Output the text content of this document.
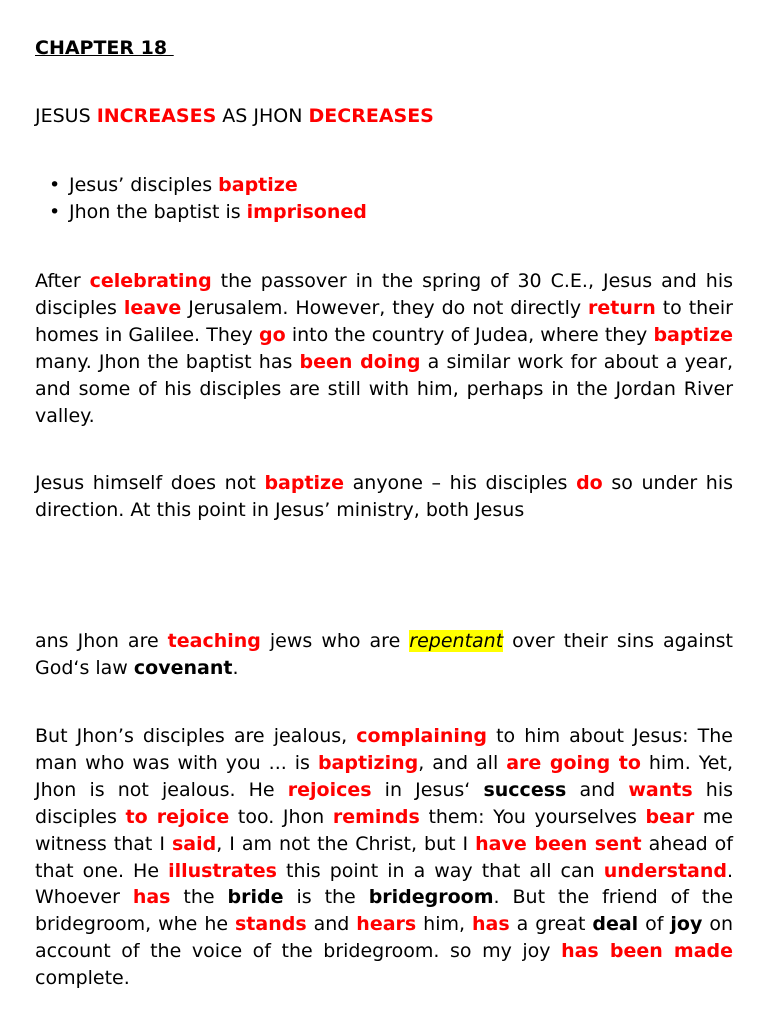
CHAPTER 18
JESUS INCREASES AS JHON DECREASES
• Jesus’ disciples baptize
• Jhon the baptist is imprisoned

After celebrating the passover in the spring of 30 C.E., Jesus and his disciples leave Jerusalem. However, they do not directly return to their homes in Galilee. They go into the country of Judea, where they baptize many. Jhon the baptist has been doing a similar work for about a year, and some of his disciples are still with him, perhaps in the Jordan River valley.

Jesus himself does not baptize anyone – his disciples do so under his direction. At this point in Jesus’ ministry, both Jesus

ans Jhon are teaching jews who are repentant over their sins against God‘s law covenant.

But Jhon’s disciples are jealous, complaining to him about Jesus: The man who was with you ... is baptizing, and all are going to him. Yet, Jhon is not jealous. He rejoices in Jesus‘ success and wants his disciples to rejoice too. Jhon reminds them: You yourselves bear me witness that I said, I am not the Christ, but I have been sent ahead of that one. He illustrates this point in a way that all can understand. Whoever has the bride is the bridegroom. But the friend of the bridegroom, whe he stands and hears him, has a great deal of joy on account of the voice of the bridegroom. so my joy has been made complete.
